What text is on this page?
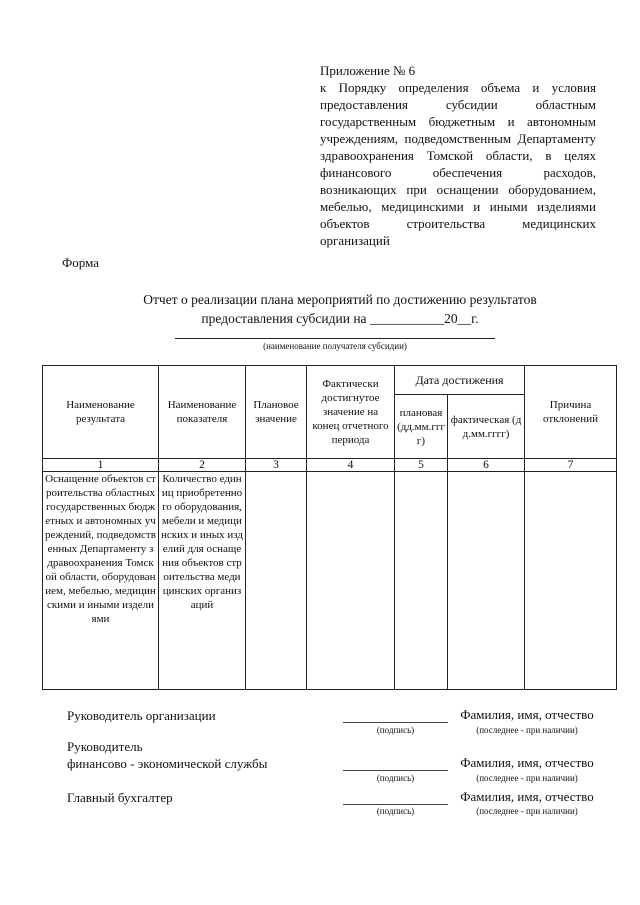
Приложение № 6
к Порядку определения объема и условия предоставления субсидии областным государственным бюджетным и автономным учреждениям, подведомственным Департаменту здравоохранения Томской области, в целях финансового обеспечения расходов, возникающих при оснащении оборудованием, мебелью, медицинскими и иными изделиями объектов строительства медицинских организаций
Форма
Отчет о реализации плана мероприятий по достижению результатов
предоставления субсидии на ___________20__г.
(наименование получателя субсидии)
Наименование результата	Наименование показателя	Плановое значение	Фактически достигнутое значение на конец отчетного периода	Дата достижения		Причина отклонений
				плановая (дд.мм.гггг)	фактическая (дд.мм.гггг)	
1	2	3	4	5	6	7
Оснащение объектов строительства областных государственных бюджетных и автономных учреждений, подведомственных Департаменту здравоохранения Томской области, оборудованием, мебелью, медицинскими и иными изделиями	Количество единиц приобретенного оборудования, мебели и медицинских и иных изделий для оснащения объектов строительства медицинских организаций					
Руководитель организации
(подпись)
Фамилия, имя, отчество
(последнее - при наличии)
Руководитель
финансово - экономической службы
(подпись)
Фамилия, имя, отчество
(последнее - при наличии)
Главный бухгалтер
(подпись)
Фамилия, имя, отчество
(последнее - при наличии)
